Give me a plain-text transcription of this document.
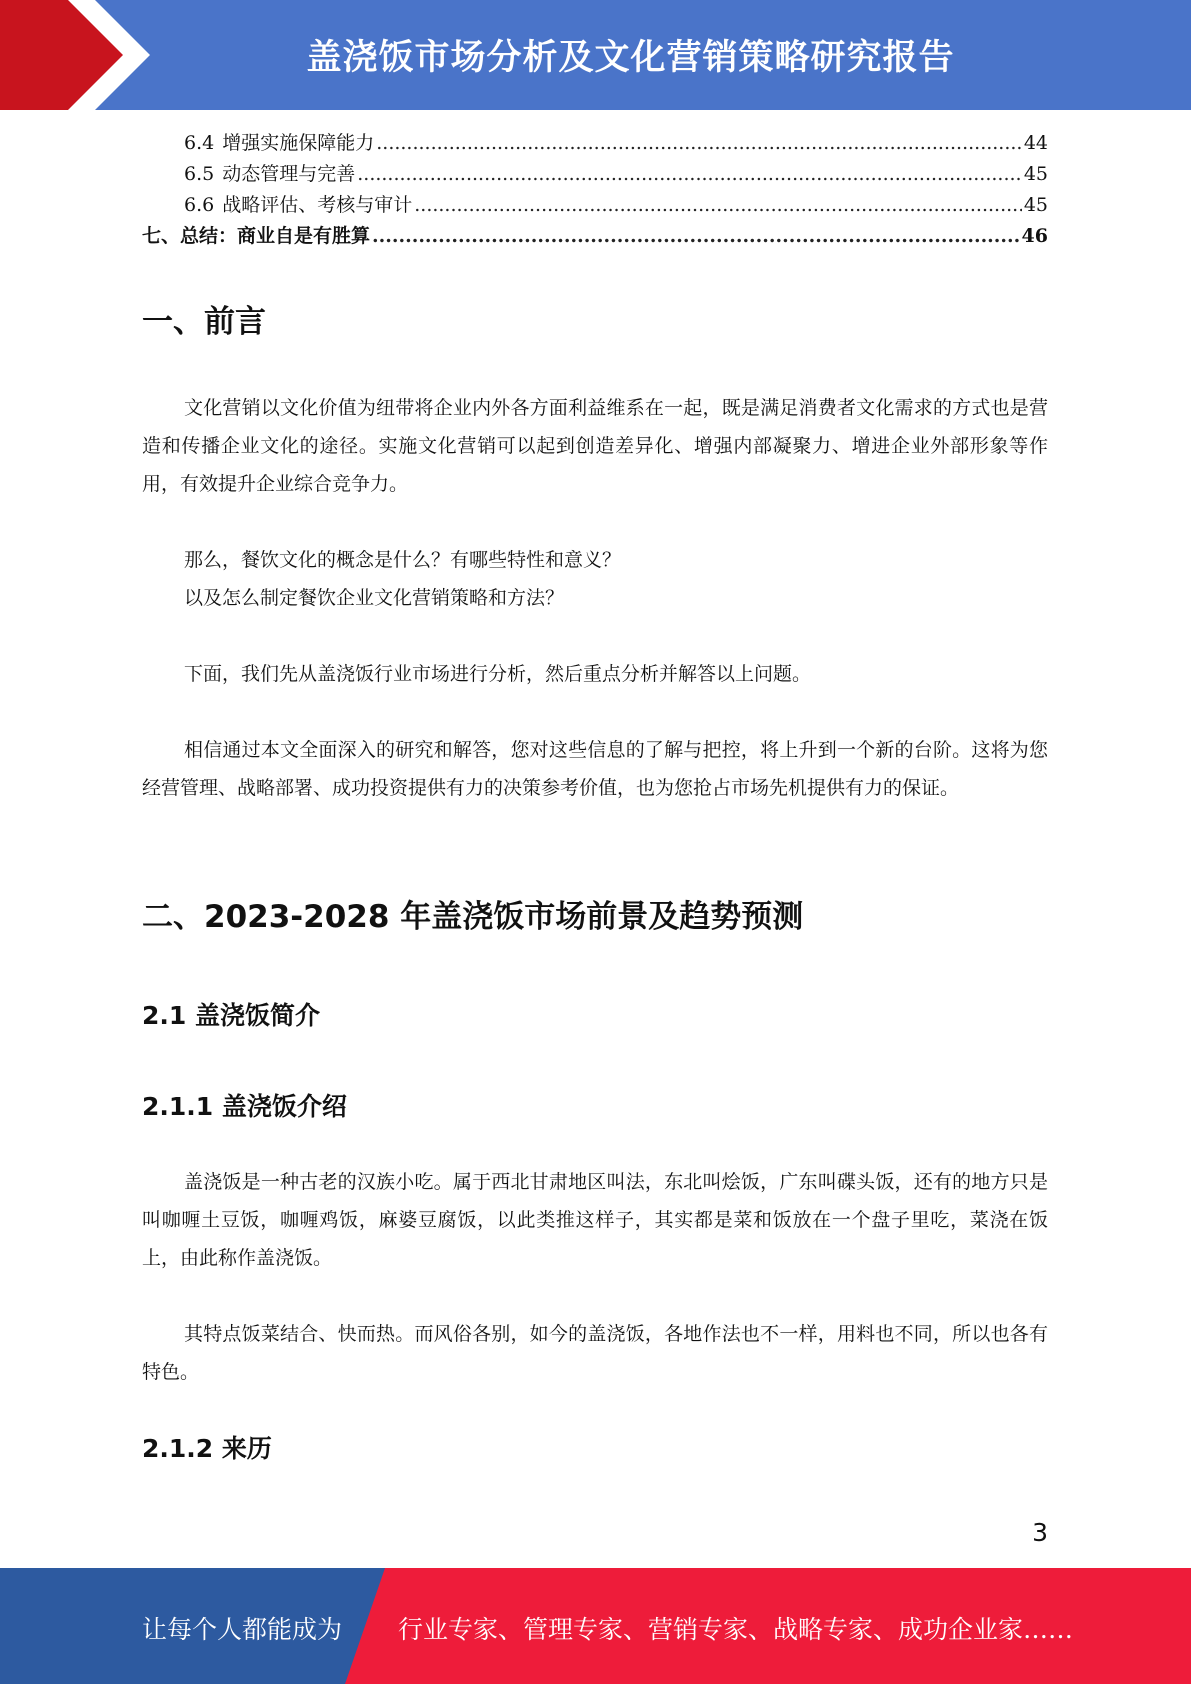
盖浇饭市场分析及文化营销策略研究报告
6.4 增强实施保障能力 .....	44
6.5 动态管理与完善 .....	45
6.6 战略评估、考核与审计 .....	45
七、总结：商业自是有胜算 .....	46
一、前言

文化营销以文化价值为纽带将企业内外各方面利益维系在一起，既是满足消费者文化需求的方式也是营造和传播企业文化的途径。实施文化营销可以起到创造差异化、增强内部凝聚力、增进企业外部形象等作用，有效提升企业综合竞争力。

那么，餐饮文化的概念是什么？有哪些特性和意义？

以及怎么制定餐饮企业文化营销策略和方法？

下面，我们先从盖浇饭行业市场进行分析，然后重点分析并解答以上问题。

相信通过本文全面深入的研究和解答，您对这些信息的了解与把控，将上升到一个新的台阶。这将为您经营管理、战略部署、成功投资提供有力的决策参考价值，也为您抢占市场先机提供有力的保证。

二、2023-2028 年盖浇饭市场前景及趋势预测
2.1 盖浇饭简介
2.1.1 盖浇饭介绍

盖浇饭是一种古老的汉族小吃。属于西北甘肃地区叫法，东北叫烩饭，广东叫碟头饭，还有的地方只是叫咖喱土豆饭，咖喱鸡饭，麻婆豆腐饭，以此类推这样子，其实都是菜和饭放在一个盘子里吃，菜浇在饭上，由此称作盖浇饭。

其特点饭菜结合、快而热。而风俗各别，如今的盖浇饭，各地作法也不一样，用料也不同，所以也各有特色。

2.1.2 来历
3
让每个人都能成为 行业专家、管理专家、营销专家、战略专家、成功企业家……
